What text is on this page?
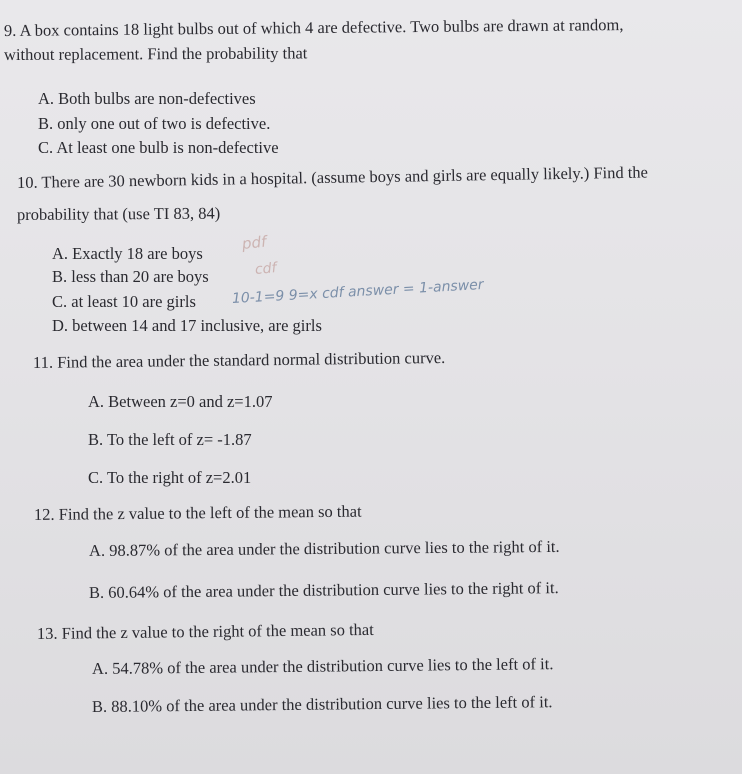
9. A box contains 18 light bulbs out of which 4 are defective. Two bulbs are drawn at random,
without replacement. Find the probability that
A. Both bulbs are non-defectives
B. only one out of two is defective.
C. At least one bulb is non-defective
10. There are 30 newborn kids in a hospital. (assume boys and girls are equally likely.) Find the
probability that (use TI 83, 84)
A. Exactly 18 are boys
B. less than 20 are boys
C. at least 10 are girls
D. between 14 and 17 inclusive, are girls
pdf
cdf
10-1=9 9=x cdf answer = 1-answer
11. Find the area under the standard normal distribution curve.
A. Between z=0 and z=1.07
B. To the left of z= -1.87
C. To the right of z=2.01
12. Find the z value to the left of the mean so that
A. 98.87% of the area under the distribution curve lies to the right of it.
B. 60.64% of the area under the distribution curve lies to the right of it.
13. Find the z value to the right of the mean so that
A. 54.78% of the area under the distribution curve lies to the left of it.
B. 88.10% of the area under the distribution curve lies to the left of it.
